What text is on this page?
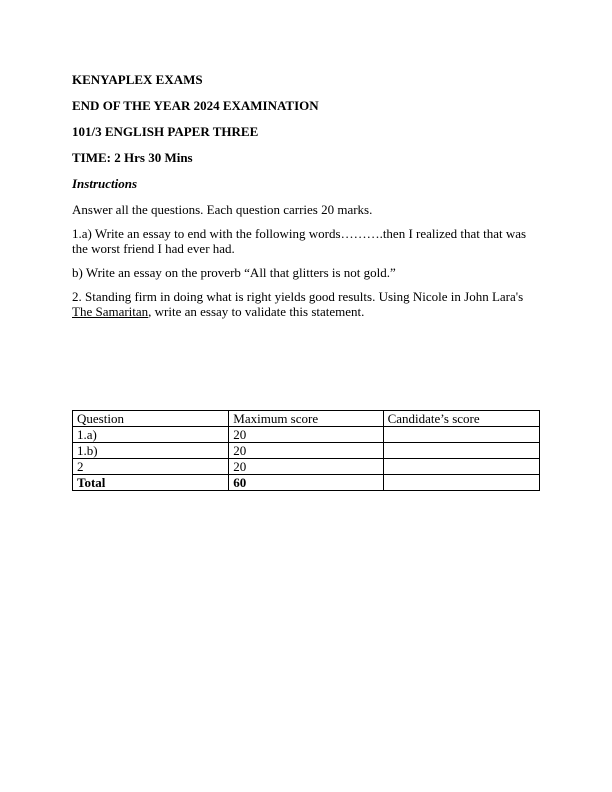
KENYAPLEX EXAMS
END OF THE YEAR 2024 EXAMINATION
101/3 ENGLISH PAPER THREE
TIME: 2 Hrs 30 Mins
Instructions
Answer all the questions. Each question carries 20 marks.
1.a) Write an essay to end with the following words……….then I realized that that was the worst friend I had ever had.
b) Write an essay on the proverb “All that glitters is not gold.”
2. Standing firm in doing what is right yields good results. Using Nicole in John Lara's The Samaritan, write an essay to validate this statement.
Question	Maximum score	Candidate’s score
1.a)	20	
1.b)	20	
2	20	
Total	60	
